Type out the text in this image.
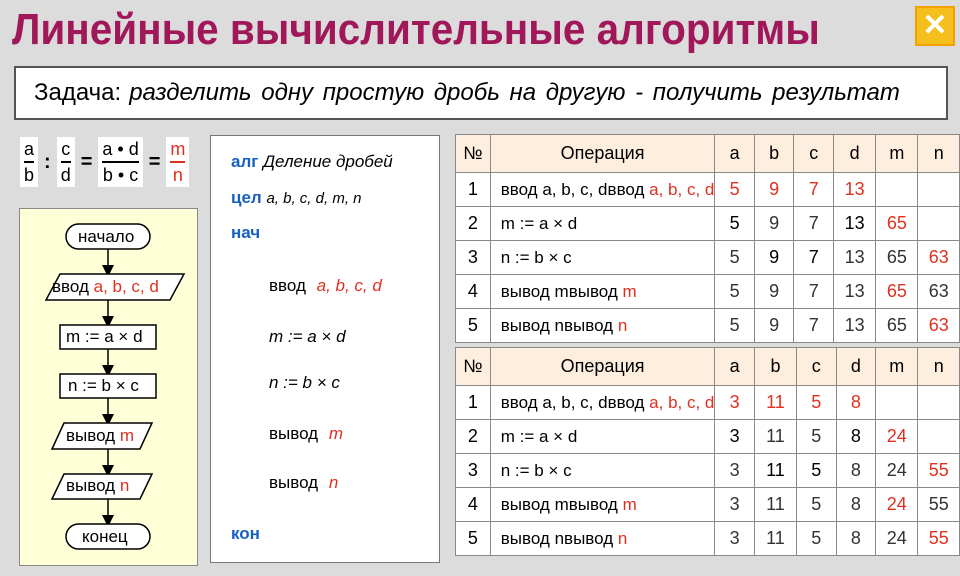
Линейные вычислительные алгоритмы	✕
Задача: разделить одну простую дробь на другую - получить результат
$\frac{a}{b}$ : $\frac{c}{d} = \frac{a • d}{b • c} = \frac{m}{n}$
начало
ввод a, b, c, d
m := a × d
n := b × c
вывод m
вывод n
конец
алг Деление дробей
цел a, b, c, d, m, n
нач
ввод a, b, c, d
m := a × d
n := b × c
вывод m
вывод n
кон
№	Операция	a	b	c	d	m	n
1	ввод a, b, c, dввод a, b, c, d	5	9	7	13		
2	m := a × d	5	9	7	13	65	
3	n := b × c	5	9	7	13	65	63
4	вывод mвывод m	5	9	7	13	65	63
5	вывод nвывод n	5	9	7	13	65	63
№	Операция	a	b	c	d	m	n
1	ввод a, b, c, dввод a, b, c, d	3	11	5	8		
2	m := a × d	3	11	5	8	24	
3	n := b × c	3	11	5	8	24	55
4	вывод mвывод m	3	11	5	8	24	55
5	вывод nвывод n	3	11	5	8	24	55
